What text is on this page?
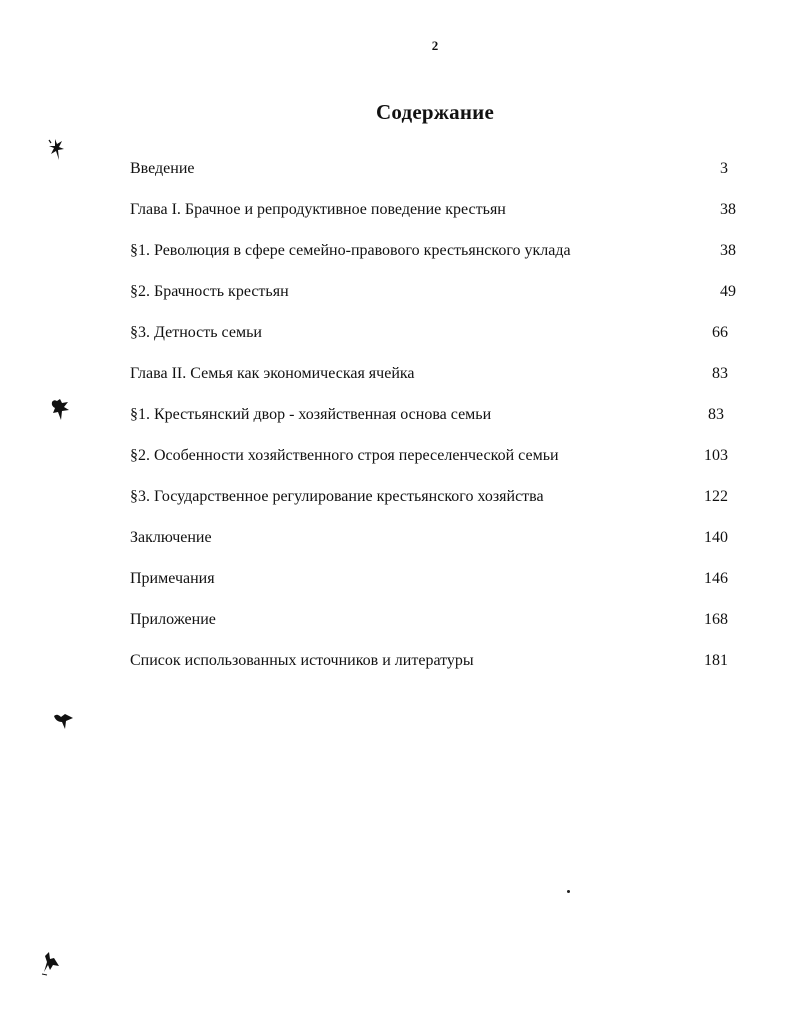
2
Содержание
Введение	3
Глава I. Брачное и репродуктивное поведение крестьян	38
§1. Революция в сфере семейно-правового крестьянского уклада	38
§2. Брачность крестьян	49
§3. Детность семьи	66
Глава II. Семья как экономическая ячейка	83
§1. Крестьянский двор - хозяйственная основа семьи	83
§2. Особенности хозяйственного строя переселенческой семьи	103
§3. Государственное регулирование крестьянского хозяйства	122
Заключение	140
Примечания	146
Приложение	168
Список использованных источников и литературы	181
